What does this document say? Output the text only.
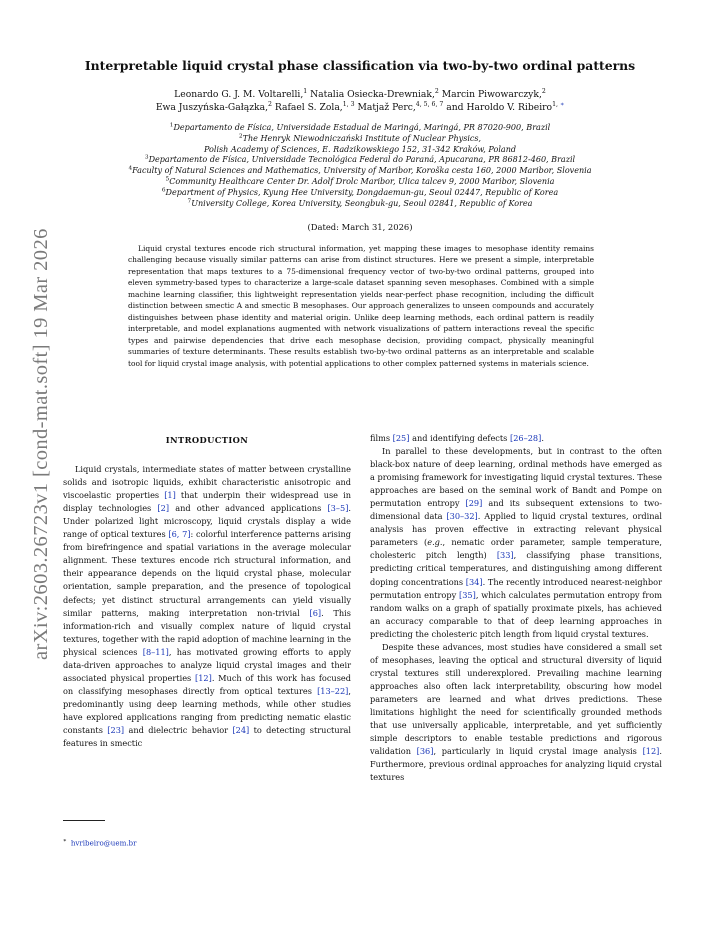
arXiv:2603.26723v1 [cond-mat.soft] 19 Mar 2026
Interpretable liquid crystal phase classification via two-by-two ordinal patterns
Leonardo G. J. M. Voltarelli,$^1$ Natalia Osiecka-Drewniak,$^2$ Marcin Piwowarczyk,$^2$
Ewa Juszyńska-Gałązka,$^2$ Rafael S. Zola,$^{1, 3}$ Matjaž Perc,$^{4, 5, 6, 7}$ and Haroldo V. Ribeiro$^{1, ∗}$
$^1$Departamento de Física, Universidade Estadual de Maringá, Maringá, PR 87020-900, Brazil
$^2$The Henryk Niewodniczański Institute of Nuclear Physics,
Polish Academy of Sciences, E. Radzikowskiego 152, 31-342 Kraków, Poland
$^3$Departamento de Física, Universidade Tecnológica Federal do Paraná, Apucarana, PR 86812-460, Brazil
$^4$Faculty of Natural Sciences and Mathematics, University of Maribor, Koroška cesta 160, 2000 Maribor, Slovenia
$^5$Community Healthcare Center Dr. Adolf Drolc Maribor, Ulica talcev 9, 2000 Maribor, Slovenia
$^6$Department of Physics, Kyung Hee University, Dongdaemun-gu, Seoul 02447, Republic of Korea
$^7$University College, Korea University, Seongbuk-gu, Seoul 02841, Republic of Korea
(Dated: March 31, 2026)

Liquid crystal textures encode rich structural information, yet mapping these images to mesophase identity remains challenging because visually similar patterns can arise from distinct structures. Here we present a simple, interpretable representation that maps textures to a 75-dimensional frequency vector of two-by-two ordinal patterns, grouped into eleven symmetry-based types to characterize a large-scale dataset spanning seven mesophases. Combined with a simple machine learning classifier, this lightweight representation yields near-perfect phase recognition, including the difficult distinction between smectic A and smectic B mesophases. Our approach generalizes to unseen compounds and accurately distinguishes between phase identity and material origin. Unlike deep learning methods, each ordinal pattern is readily interpretable, and model explanations augmented with network visualizations of pattern interactions reveal the specific types and pairwise dependencies that drive each mesophase decision, providing compact, physically meaningful summaries of texture determinants. These results establish two-by-two ordinal patterns as an interpretable and scalable tool for liquid crystal image analysis, with potential applications to other complex patterned systems in materials science.

INTRODUCTION

Liquid crystals, intermediate states of matter between crystalline solids and isotropic liquids, exhibit characteristic anisotropic and viscoelastic properties [1] that underpin their widespread use in display technologies [2] and other advanced applications [3–5]. Under polarized light microscopy, liquid crystals display a wide range of optical textures [6, 7]: colorful interference patterns arising from birefringence and spatial variations in the average molecular alignment. These textures encode rich structural information, and their appearance depends on the liquid crystal phase, molecular orientation, sample preparation, and the presence of topological defects; yet distinct structural arrangements can yield visually similar patterns, making interpretation non-trivial [6]. This information-rich and visually complex nature of liquid crystal textures, together with the rapid adoption of machine learning in the physical sciences [8–11], has motivated growing efforts to apply data-driven approaches to analyze liquid crystal images and their associated physical properties [12]. Much of this work has focused on classifying mesophases directly from optical textures [13–22], predominantly using deep learning methods, while other studies have explored applications ranging from predicting nematic elastic constants [23] and dielectric behavior [24] to detecting structural features in smectic

films [25] and identifying defects [26–28].

In parallel to these developments, but in contrast to the often black-box nature of deep learning, ordinal methods have emerged as a promising framework for investigating liquid crystal textures. These approaches are based on the seminal work of Bandt and Pompe on permutation entropy [29] and its subsequent extensions to two-dimensional data [30–32]. Applied to liquid crystal textures, ordinal analysis has proven effective in extracting relevant physical parameters (e.g., nematic order parameter, sample temperature, cholesteric pitch length) [33], classifying phase transitions, predicting critical temperatures, and distinguishing among different doping concentrations [34]. The recently introduced nearest-neighbor permutation entropy [35], which calculates permutation entropy from random walks on a graph of spatially proximate pixels, has achieved an accuracy comparable to that of deep learning approaches in predicting the cholesteric pitch length from liquid crystal textures.

Despite these advances, most studies have considered a small set of mesophases, leaving the optical and structural diversity of liquid crystal textures still underexplored. Prevailing machine learning approaches also often lack interpretability, obscuring how model parameters are learned and what drives predictions. These limitations highlight the need for scientifically grounded methods that use universally applicable, interpretable, and yet sufficiently simple descriptors to enable testable predictions and rigorous validation [36], particularly in liquid crystal image analysis [12]. Furthermore, previous ordinal approaches for analyzing liquid crystal textures

∗ hvribeiro@uem.br
